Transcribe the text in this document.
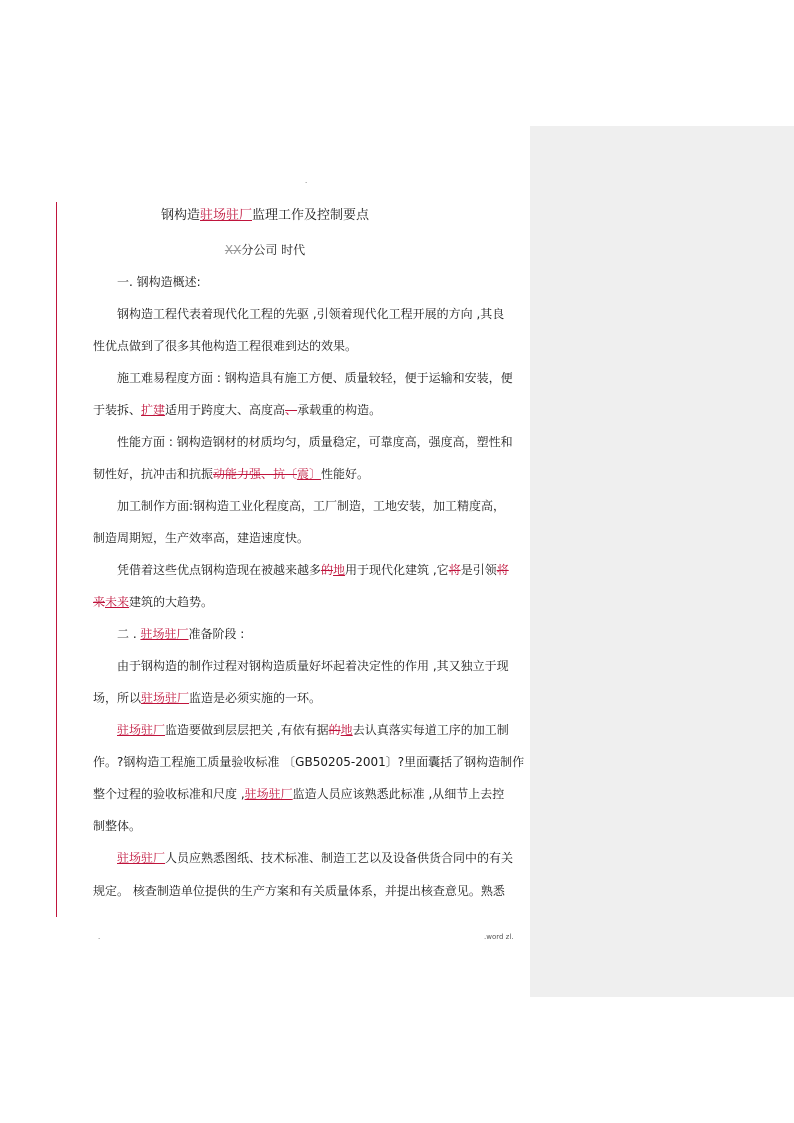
.
钢构造驻场驻厂监理工作及控制要点
XX分公司 时代
一. 钢构造概述:
钢构造工程代表着现代化工程的先驱 ,引领着现代化工程开展的方向 ,其良
性优点做到了很多其他构造工程很难到达的效果。
施工难易程度方面 : 钢构造具有施工方便、质量较轻，便于运输和安装，便
于装拆、扩建适用于跨度大、高度高、承载重的构造。
性能方面 : 钢构造钢材的材质均匀，质量稳定，可靠度高，强度高，塑性和
韧性好，抗冲击和抗振动能力强、抗〔震〕性能好。
加工制作方面:钢构造工业化程度高，工厂制造，工地安装，加工精度高，
制造周期短，生产效率高，建造速度快。
凭借着这些优点钢构造现在被越来越多的地用于现代化建筑 ,它将是引领将
来未来建筑的大趋势。
二 . 驻场驻厂准备阶段 :
由于钢构造的制作过程对钢构造质量好坏起着决定性的作用 ,其又独立于现
场，所以驻场驻厂监造是必须实施的一环。
驻场驻厂监造要做到层层把关 ,有依有据的地去认真落实每道工序的加工制
作。?钢构造工程施工质量验收标准 〔GB50205-2001〕?里面囊括了钢构造制作
整个过程的验收标准和尺度 ,驻场驻厂监造人员应该熟悉此标准 ,从细节上去控
制整体。
驻场驻厂人员应熟悉图纸、技术标准、制造工艺以及设备供货合同中的有关
规定。 核查制造单位提供的生产方案和有关质量体系，并提出核查意见。熟悉
.	.word zl.
